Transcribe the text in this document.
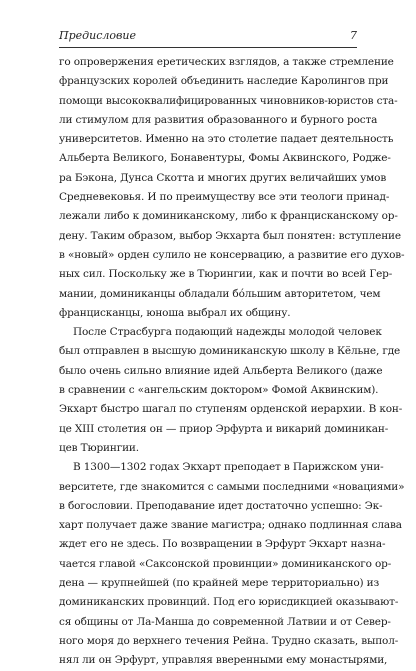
Предисловие	7
го опровержения еретических взглядов, а также стремление
французских королей объединить наследие Каролингов при
помощи высококвалифицированных чиновников-юристов ста-
ли стимулом для развития образованного и бурного роста
университетов. Именно на это столетие падает деятельность
Альберта Великого, Бонавентуры, Фомы Аквинского, Родже-
ра Бэкона, Дунса Скотта и многих других величайших умов
Средневековья. И по преимуществу все эти теологи принад-
лежали либо к доминиканскому, либо к францисканскому ор-
дену. Таким образом, выбор Экхарта был понятен: вступление
в «новый» орден сулило не консервацию, а развитие его духов-
ных сил. Поскольку же в Тюрингии, как и почти во всей Гер-
мании, доминиканцы обладали бо́льшим авторитетом, чем
францисканцы, юноша выбрал их общину.
После Страсбурга подающий надежды молодой человек
был отправлен в высшую доминиканскую школу в Кёльне, где
было очень сильно влияние идей Альберта Великого (даже
в сравнении с «ангельским доктором» Фомой Аквинским).
Экхарт быстро шагал по ступеням орденской иерархии. В кон-
це XIII столетия он — приор Эрфурта и викарий доминикан-
цев Тюрингии.
В 1300—1302 годах Экхарт преподает в Парижском уни-
верситете, где знакомится с самыми последними «новациями»
в богословии. Преподавание идет достаточно успешно: Эк-
харт получает даже звание магистра; однако подлинная слава
ждет его не здесь. По возвращении в Эрфурт Экхарт назна-
чается главой «Саксонской провинции» доминиканского ор-
дена — крупнейшей (по крайней мере территориально) из
доминиканских провинций. Под его юрисдикцией оказывают-
ся общины от Ла-Манша до современной Латвии и от Север-
ного моря до верхнего течения Рейна. Трудно сказать, выпол-
нял ли он Эрфурт, управляя вверенными ему монастырями,
